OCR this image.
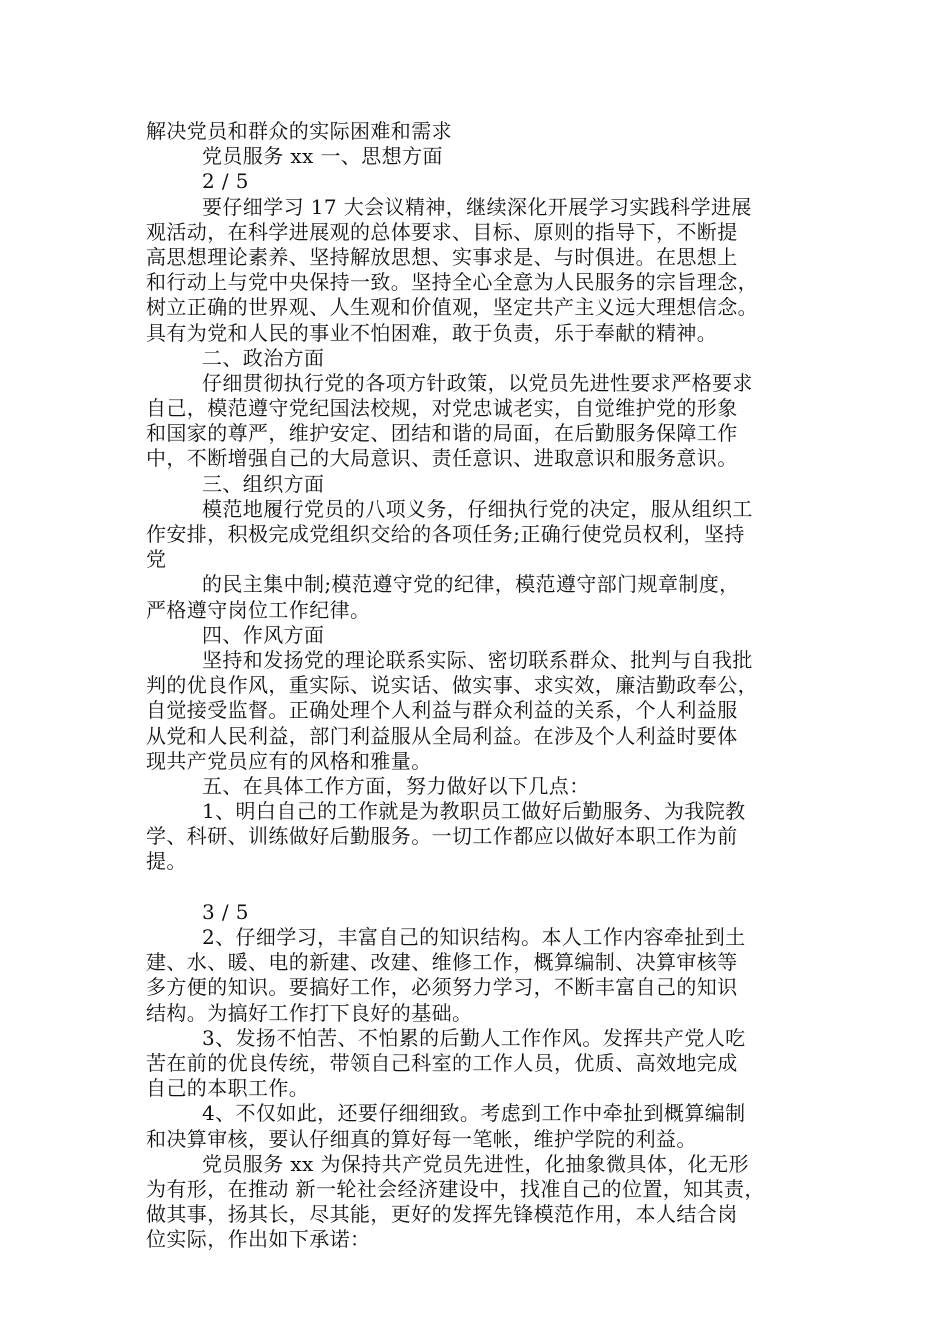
解决党员和群众的实际困难和需求
党员服务 xx 一、思想方面
2 / 5
要仔细学习 17 大会议精神，继续深化开展学习实践科学进展
观活动，在科学进展观的总体要求、目标、原则的指导下，不断提
高思想理论素养、坚持解放思想、实事求是、与时俱进。在思想上
和行动上与党中央保持一致。坚持全心全意为人民服务的宗旨理念，
树立正确的世界观、人生观和价值观，坚定共产主义远大理想信念。
具有为党和人民的事业不怕困难，敢于负责，乐于奉献的精神。
二、政治方面
仔细贯彻执行党的各项方针政策，以党员先进性要求严格要求
自己，模范遵守党纪国法校规，对党忠诚老实，自觉维护党的形象
和国家的尊严，维护安定、团结和谐的局面，在后勤服务保障工作
中，不断增强自己的大局意识、责任意识、进取意识和服务意识。
三、组织方面
模范地履行党员的八项义务，仔细执行党的决定，服从组织工
作安排，积极完成党组织交给的各项任务;正确行使党员权利，坚持
党
的民主集中制;模范遵守党的纪律，模范遵守部门规章制度，
严格遵守岗位工作纪律。
四、作风方面
坚持和发扬党的理论联系实际、密切联系群众、批判与自我批
判的优良作风，重实际、说实话、做实事、求实效，廉洁勤政奉公，
自觉接受监督。正确处理个人利益与群众利益的关系，个人利益服
从党和人民利益，部门利益服从全局利益。在涉及个人利益时要体
现共产党员应有的风格和雅量。
五、在具体工作方面，努力做好以下几点：
1、明白自己的工作就是为教职员工做好后勤服务、为我院教
学、科研、训练做好后勤服务。一切工作都应以做好本职工作为前
提。
3 / 5
2、仔细学习，丰富自己的知识结构。本人工作内容牵扯到土
建、水、暖、电的新建、改建、维修工作，概算编制、决算审核等
多方便的知识。要搞好工作，必须努力学习，不断丰富自己的知识
结构。为搞好工作打下良好的基础。
3、发扬不怕苦、不怕累的后勤人工作作风。发挥共产党人吃
苦在前的优良传统，带领自己科室的工作人员，优质、高效地完成
自己的本职工作。
4、不仅如此，还要仔细细致。考虑到工作中牵扯到概算编制
和决算审核，要认仔细真的算好每一笔帐，维护学院的利益。
党员服务 xx 为保持共产党员先进性，化抽象微具体，化无形
为有形，在推动 新一轮社会经济建设中，找准自己的位置，知其责，
做其事，扬其长，尽其能，更好的发挥先锋模范作用，本人结合岗
位实际，作出如下承诺：
